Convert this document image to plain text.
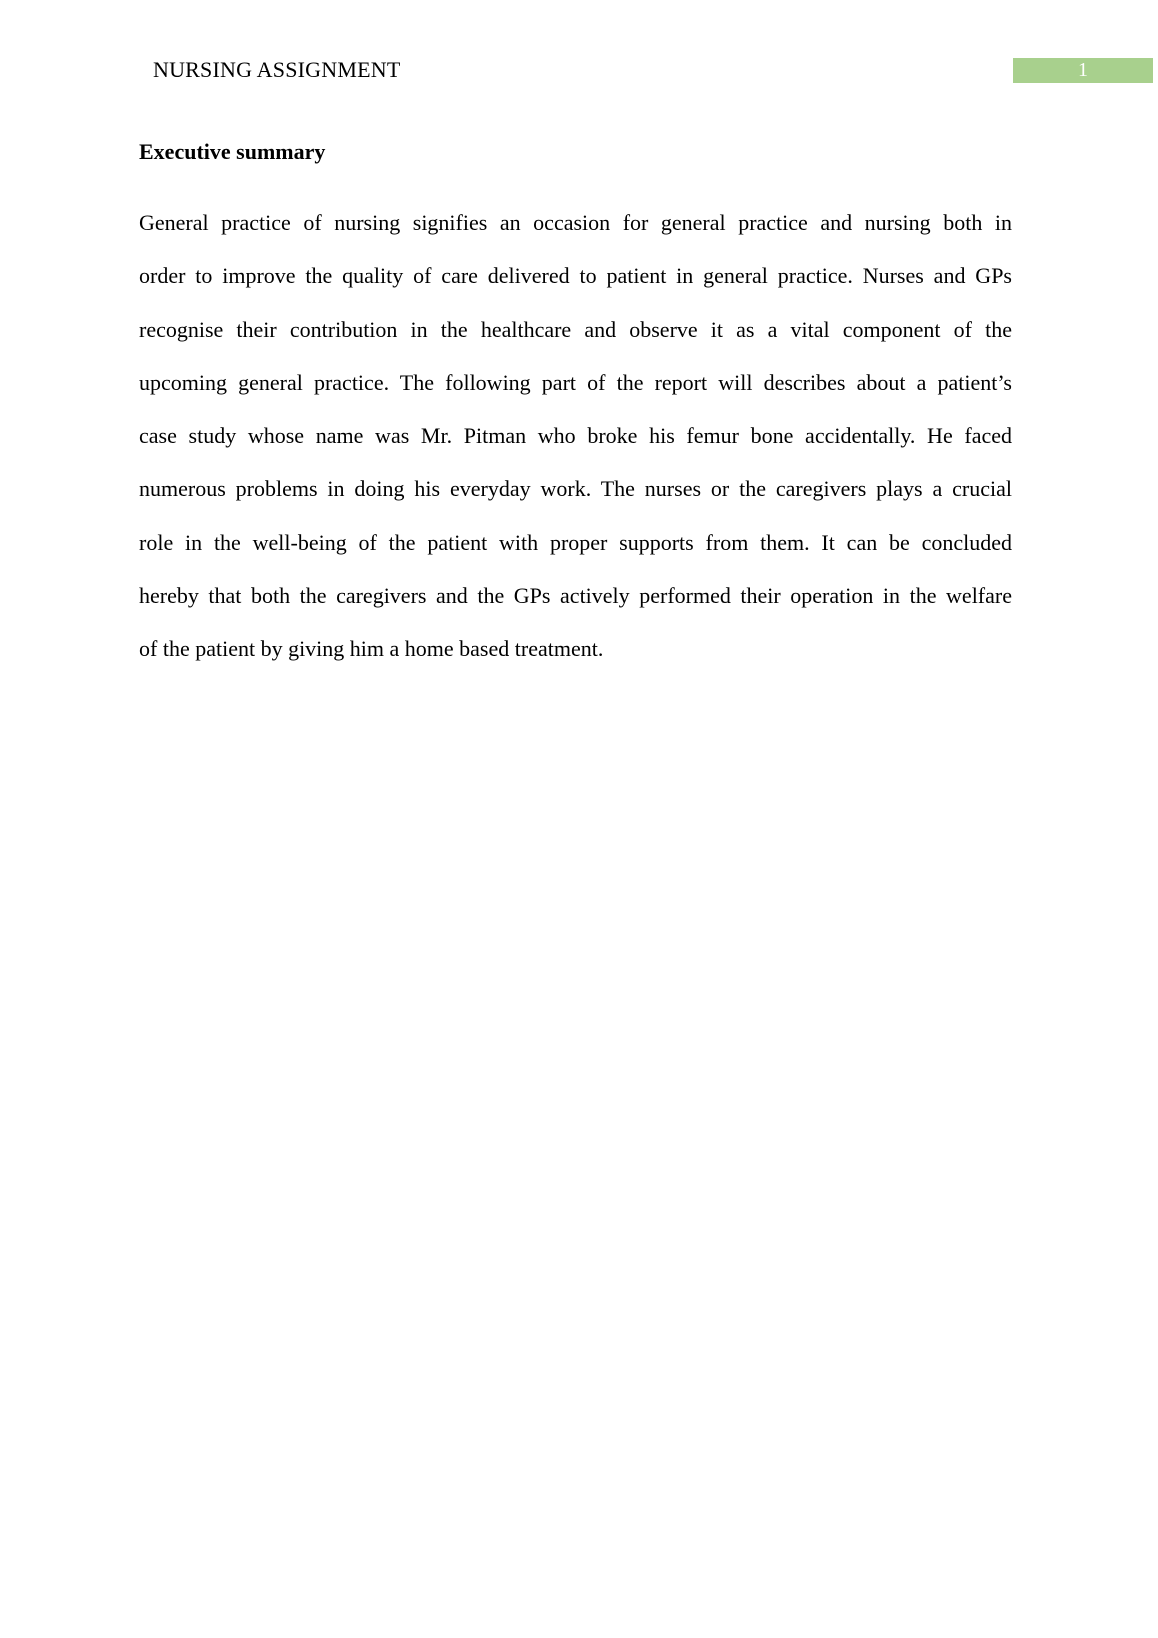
NURSING ASSIGNMENT	1
Executive summary
General practice of nursing signifies an occasion for general practice and nursing both in
order to improve the quality of care delivered to patient in general practice. Nurses and GPs
recognise their contribution in the healthcare and observe it as a vital component of the
upcoming general practice. The following part of the report will describes about a patient’s
case study whose name was Mr. Pitman who broke his femur bone accidentally. He faced
numerous problems in doing his everyday work. The nurses or the caregivers plays a crucial
role in the well-being of the patient with proper supports from them. It can be concluded
hereby that both the caregivers and the GPs actively performed their operation in the welfare
of the patient by giving him a home based treatment.
